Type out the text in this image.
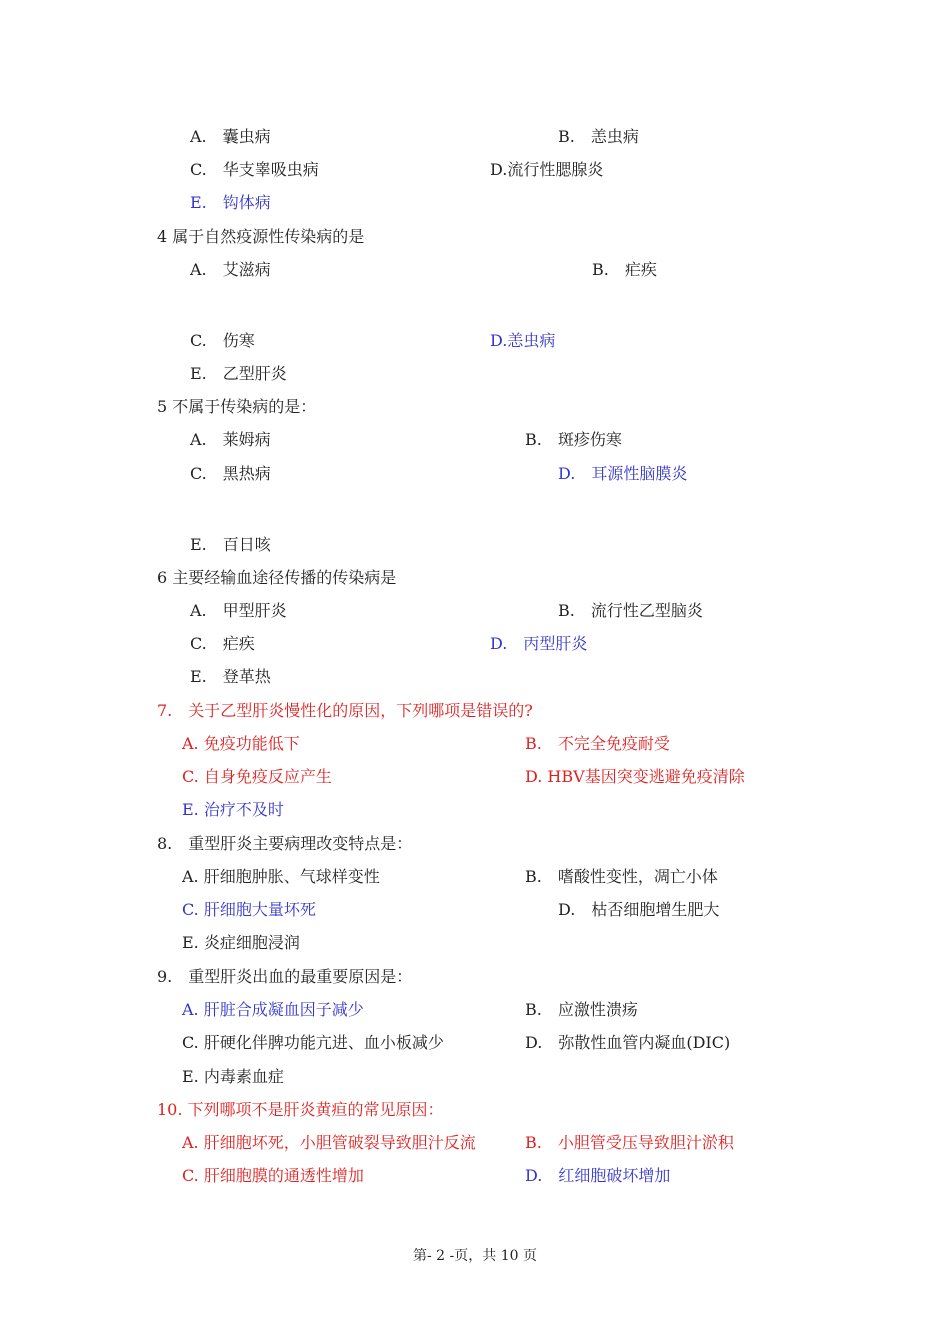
A.　囊虫病	B.　恙虫病
C.　华支睾吸虫病	D.流行性腮腺炎
E.　钩体病
4 属于自然疫源性传染病的是
A.　艾滋病	B.　疟疾
C.　伤寒	D.恙虫病
E.　乙型肝炎
5 不属于传染病的是：
A.　莱姆病	B.　斑疹伤寒
C.　黑热病	D.　耳源性脑膜炎
E.　百日咳
6 主要经输血途径传播的传染病是
A.　甲型肝炎	B.　流行性乙型脑炎
C.　疟疾	D.　丙型肝炎
E.　登革热
7.　关于乙型肝炎慢性化的原因，下列哪项是错误的?
A. 免疫功能低下	B.　不完全免疫耐受
C. 自身免疫反应产生	D. HBV基因突变逃避免疫清除
E. 治疗不及时
8.　重型肝炎主要病理改变特点是：
A. 肝细胞肿胀、气球样变性	B.　嗜酸性变性，凋亡小体
C. 肝细胞大量坏死	D.　枯否细胞增生肥大
E. 炎症细胞浸润
9.　重型肝炎出血的最重要原因是：
A. 肝脏合成凝血因子减少	B.　应激性溃疡
C. 肝硬化伴脾功能亢进、血小板减少	D.　弥散性血管内凝血(DIC)
E. 内毒素血症
10. 下列哪项不是肝炎黄疸的常见原因：
A. 肝细胞坏死，小胆管破裂导致胆汁反流	B.　小胆管受压导致胆汁淤积
C. 肝细胞膜的通透性增加	D.　红细胞破坏增加
第- 2 -页，共 10 页
